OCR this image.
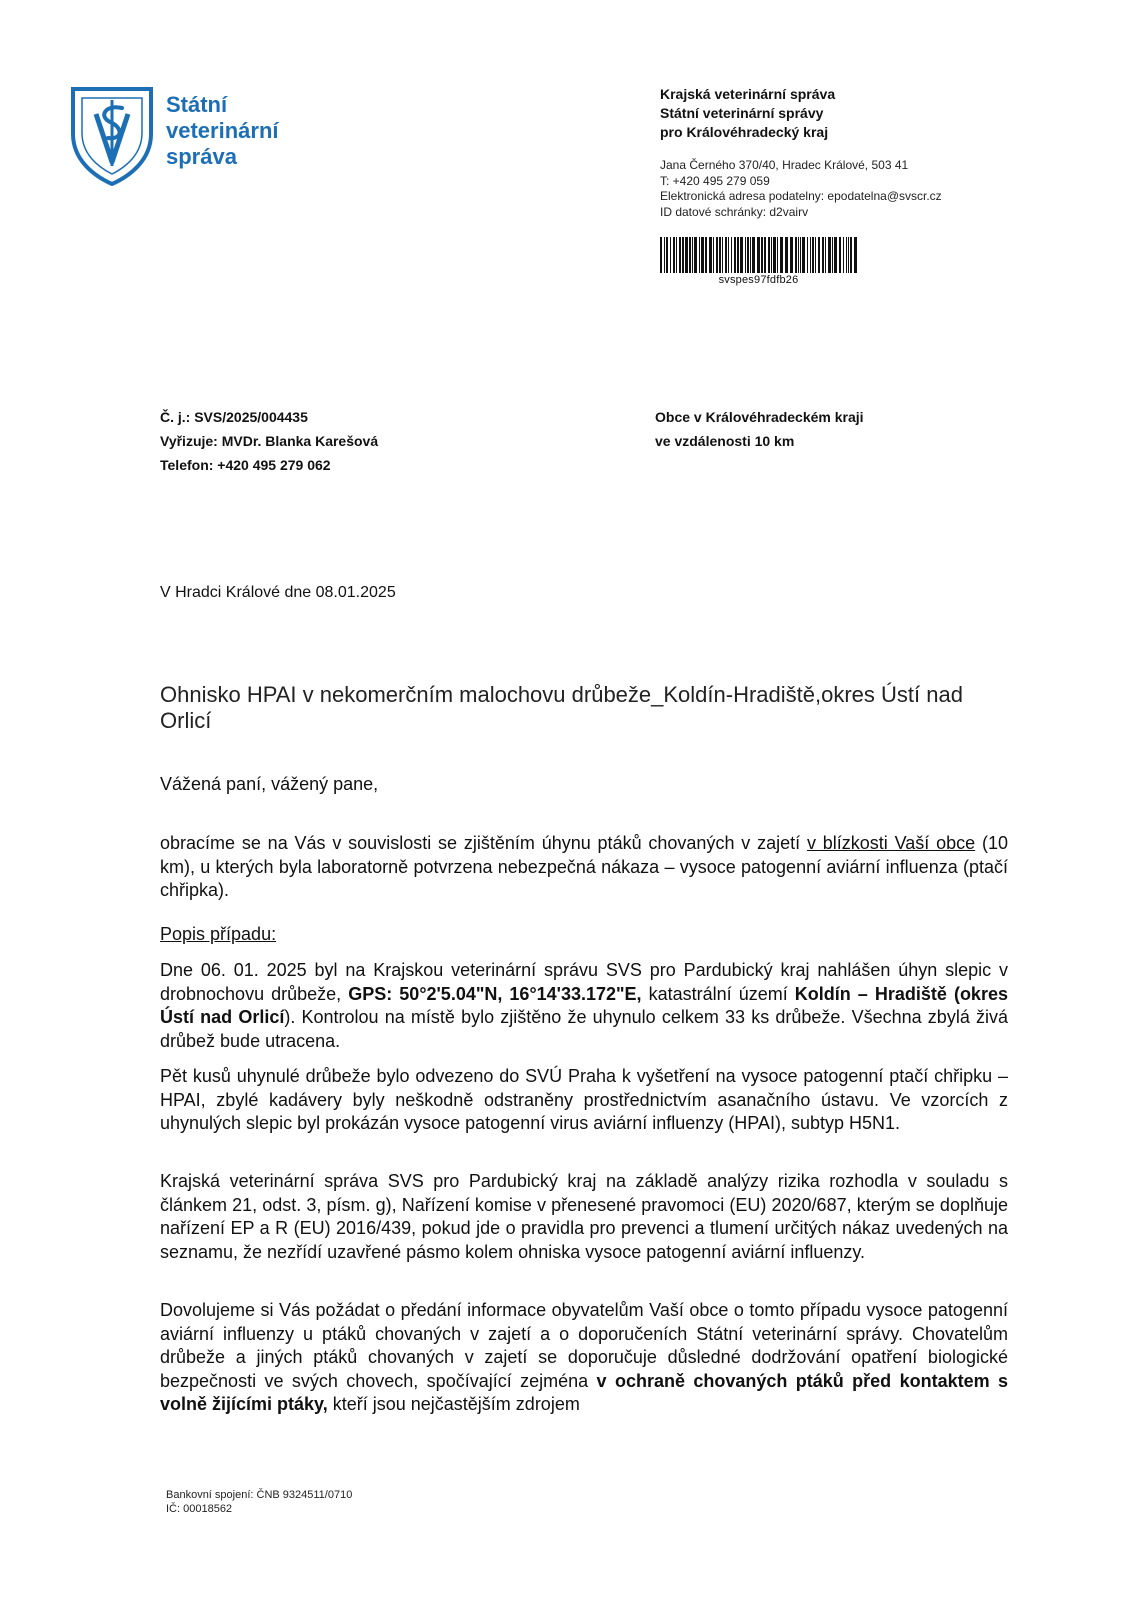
Státní
veterinární
správa
Krajská veterinární správa
Státní veterinární správy
pro Královéhradecký kraj
Jana Černého 370/40, Hradec Králové, 503 41
T: +420 495 279 059
Elektronická adresa podatelny: epodatelna@svscr.cz
ID datové schránky: d2vairv
svspes97fdfb26
Č. j.: SVS/2025/004435
Vyřizuje: MVDr. Blanka Karešová
Telefon: +420 495 279 062
Obce v Královéhradeckém kraji
ve vzdálenosti 10 km
V Hradci Králové dne 08.01.2025
Ohnisko HPAI v nekomerčním malochovu drůbeže_Koldín-Hradiště,okres Ústí nad Orlicí
Vážená paní, vážený pane,

obracíme se na Vás v souvislosti se zjištěním úhynu ptáků chovaných v zajetí v blízkosti Vaší obce (10 km), u kterých byla laboratorně potvrzena nebezpečná nákaza – vysoce patogenní aviární influenza (ptačí chřipka).

Popis případu:

Dne 06. 01. 2025 byl na Krajskou veterinární správu SVS pro Pardubický kraj nahlášen úhyn slepic v drobnochovu drůbeže, GPS: 50°2'5.04"N, 16°14'33.172"E, katastrální území Koldín – Hradiště (okres Ústí nad Orlicí). Kontrolou na místě bylo zjištěno že uhynulo celkem 33 ks drůbeže. Všechna zbylá živá drůbež bude utracena.

Pět kusů uhynulé drůbeže bylo odvezeno do SVÚ Praha k vyšetření na vysoce patogenní ptačí chřipku – HPAI, zbylé kadávery byly neškodně odstraněny prostřednictvím asanačního ústavu. Ve vzorcích z uhynulých slepic byl prokázán vysoce patogenní virus aviární influenzy (HPAI), subtyp H5N1.
Krajská veterinární správa SVS pro Pardubický kraj na základě analýzy rizika rozhodla v souladu s článkem 21, odst. 3, písm. g), Nařízení komise v přenesené pravomoci (EU) 2020/687, kterým se doplňuje nařízení EP a R (EU) 2016/439, pokud jde o pravidla pro prevenci a tlumení určitých nákaz uvedených na seznamu, že nezřídí uzavřené pásmo kolem ohniska vysoce patogenní aviární influenzy.

Dovolujeme si Vás požádat o předání informace obyvatelům Vaší obce o tomto případu vysoce patogenní aviární influenzy u ptáků chovaných v zajetí a o doporučeních Státní veterinární správy. Chovatelům drůbeže a jiných ptáků chovaných v zajetí se doporučuje důsledné dodržování opatření biologické bezpečnosti ve svých chovech, spočívající zejména v ochraně chovaných ptáků před kontaktem s volně žijícími ptáky, kteří jsou nejčastějším zdrojem

Bankovní spojení: ČNB 9324511/0710
IČ: 00018562
